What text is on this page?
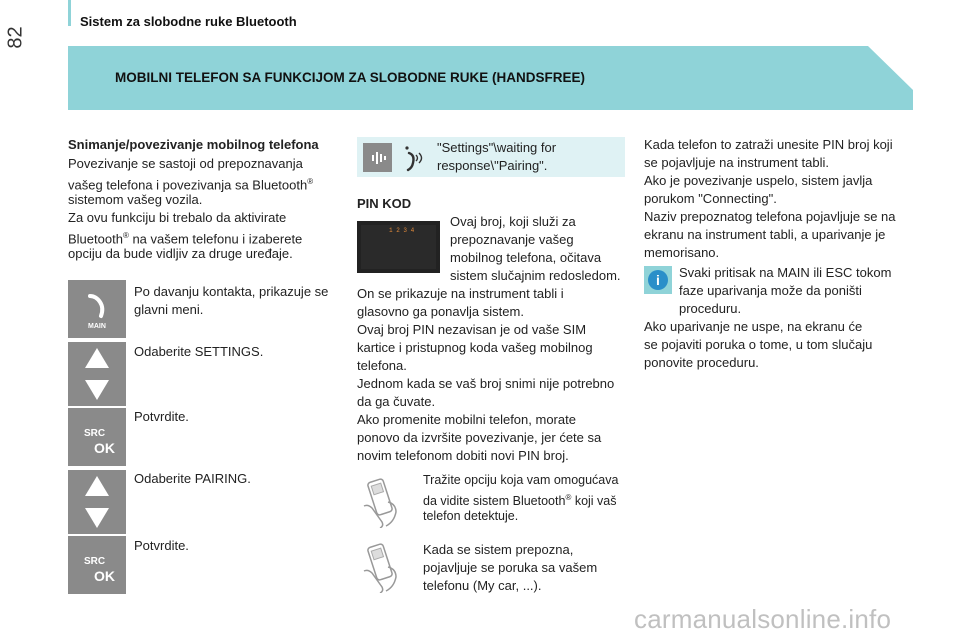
82
Sistem za slobodne ruke Bluetooth
MOBILNI TELEFON SA FUNKCIJOM ZA SLOBODNE RUKE (HANDSFREE)
Snimanje/povezivanje mobilnog telefona
Povezivanje se sastoji od prepoznavanja
vašeg telefona i povezivanja sa Bluetooth®
sistemom vašeg vozila.
Za ovu funkciju bi trebalo da aktivirate
Bluetooth® na vašem telefonu i izaberete
opciju da bude vidljiv za druge uređaje.
MAIN
Po davanju kontakta, prikazuje se
glavni meni.
Odaberite SETTINGS.
SRC
OK
Potvrdite.
Odaberite PAIRING.
SRC
OK
Potvrdite.
"Settings"\waiting for
response\"Pairing".
PIN KOD
1 2 3 4
Ovaj broj, koji služi za
prepoznavanje vašeg
mobilnog telefona, očitava
sistem slučajnim redosledom.
On se prikazuje na instrument tabli i
glasovno ga ponavlja sistem.
Ovaj broj PIN nezavisan je od vaše SIM
kartice i pristupnog koda vašeg mobilnog
telefona.
Jednom kada se vaš broj snimi nije potrebno
da ga čuvate.
Ako promenite mobilni telefon, morate
ponovo da izvršite povezivanje, jer ćete sa
novim telefonom dobiti novi PIN broj.
Tražite opciju koja vam omogućava
da vidite sistem Bluetooth® koji vaš
telefon detektuje.
Kada se sistem prepozna,
pojavljuje se poruka sa vašem
telefonu (My car, ...).
Kada telefon to zatraži unesite PIN broj koji
se pojavljuje na instrument tabli.
Ako je povezivanje uspelo, sistem javlja
porukom "Connecting".
Naziv prepoznatog telefona pojavljuje se na
ekranu na instrument tabli, a uparivanje je
memorisano.
i	Svaki pritisak na MAIN ili ESC tokom
faze uparivanja može da poništi
proceduru.
Ako uparivanje ne uspe, na ekranu će
se pojaviti poruka o tome, u tom slučaju
ponovite proceduru.
carmanualsonline.info
